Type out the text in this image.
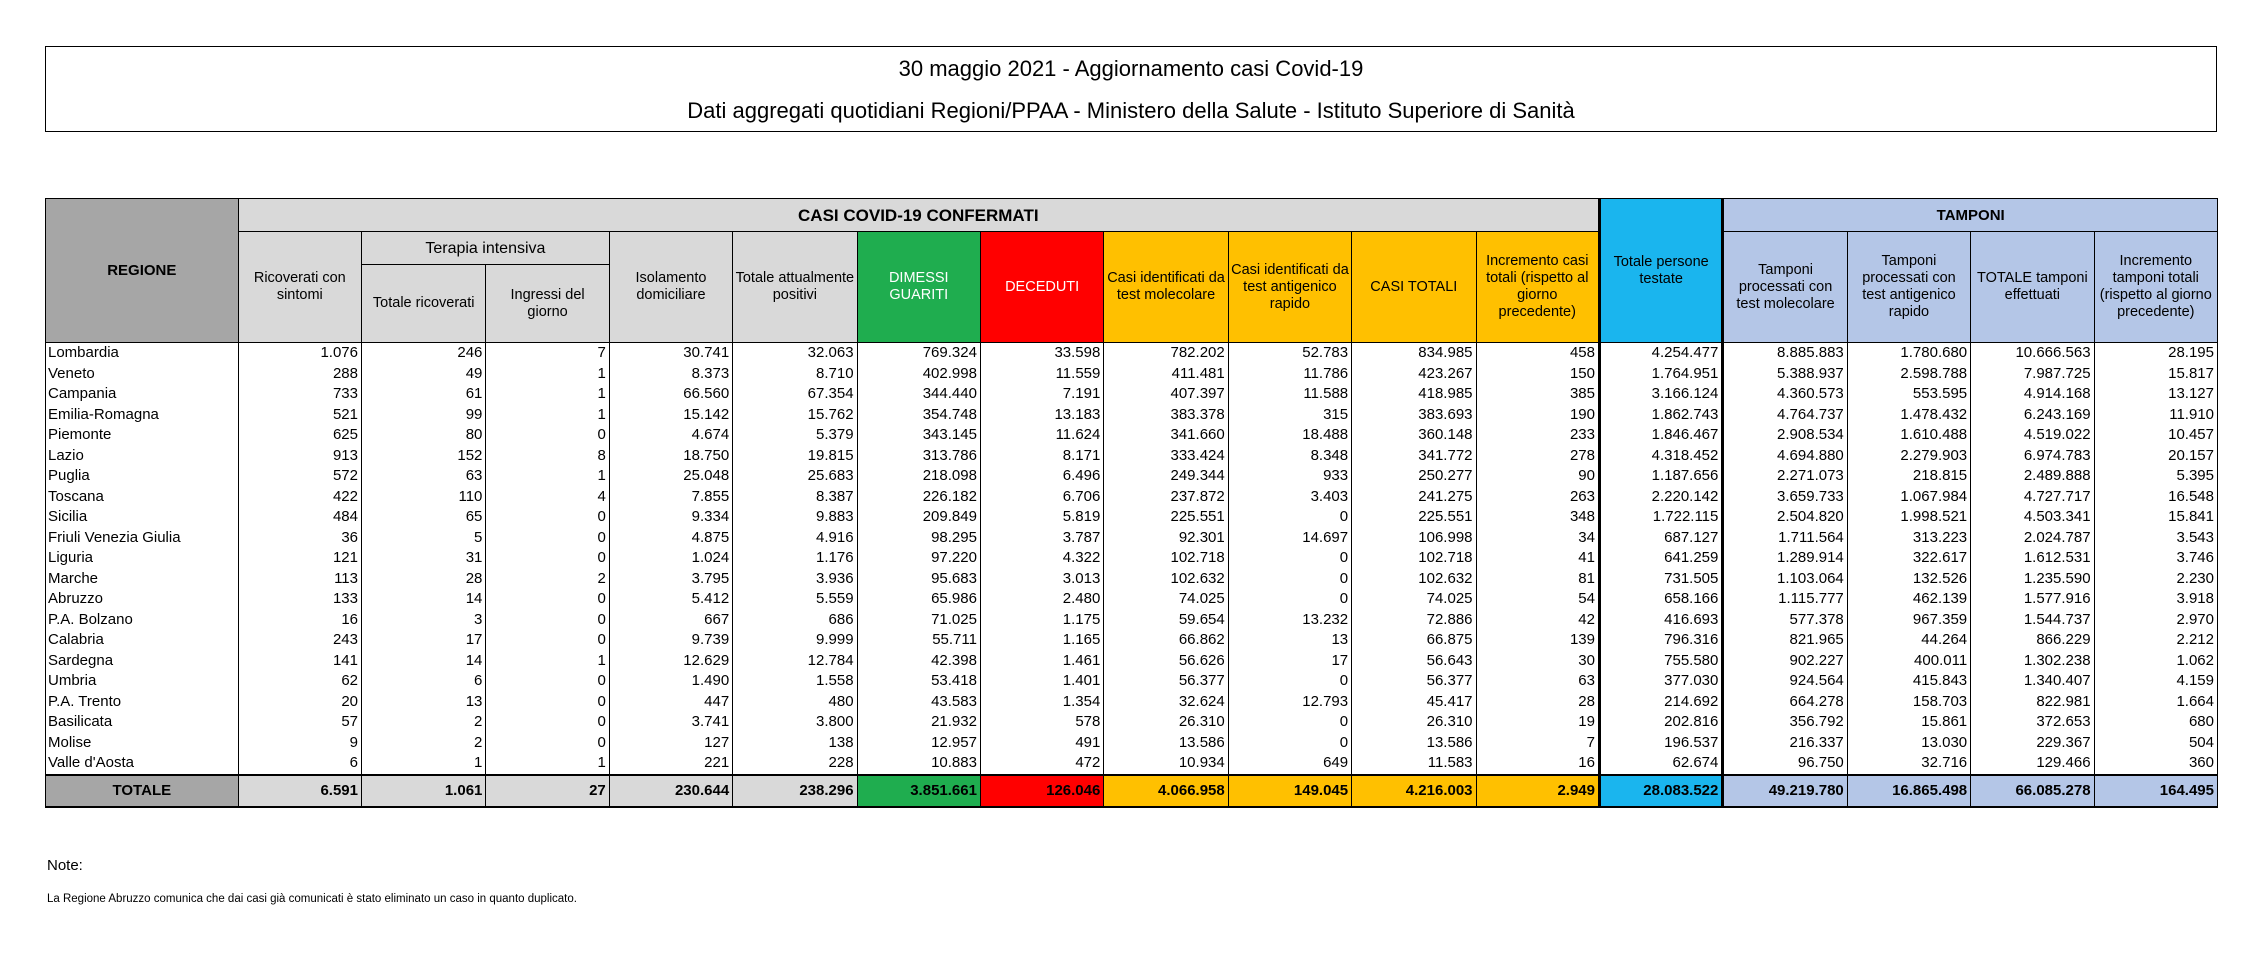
30 maggio 2021 - Aggiornamento casi Covid-19
Dati aggregati quotidiani Regioni/PPAA - Ministero della Salute - Istituto Superiore di Sanità
REGIONE	CASI COVID-19 CONFERMATI											Totale persone testate	TAMPONI			
	Ricoverati con sintomi	Terapia intensiva		Isolamento domiciliare	Totale attualmente positivi	DIMESSI GUARITI	DECEDUTI	Casi identificati da test molecolare	Casi identificati da test antigenico rapido	CASI TOTALI	Incremento casi totali (rispetto al giorno precedente)		Tamponi processati con test molecolare	Tamponi processati con test antigenico rapido	TOTALE tamponi effettuati	Incremento tamponi totali (rispetto al giorno precedente)
		Totale ricoverati	Ingressi del giorno													
Lombardia	1.076	246	7	30.741	32.063	769.324	33.598	782.202	52.783	834.985	458	4.254.477	8.885.883	1.780.680	10.666.563	28.195
Veneto	288	49	1	8.373	8.710	402.998	11.559	411.481	11.786	423.267	150	1.764.951	5.388.937	2.598.788	7.987.725	15.817
Campania	733	61	1	66.560	67.354	344.440	7.191	407.397	11.588	418.985	385	3.166.124	4.360.573	553.595	4.914.168	13.127
Emilia-Romagna	521	99	1	15.142	15.762	354.748	13.183	383.378	315	383.693	190	1.862.743	4.764.737	1.478.432	6.243.169	11.910
Piemonte	625	80	0	4.674	5.379	343.145	11.624	341.660	18.488	360.148	233	1.846.467	2.908.534	1.610.488	4.519.022	10.457
Lazio	913	152	8	18.750	19.815	313.786	8.171	333.424	8.348	341.772	278	4.318.452	4.694.880	2.279.903	6.974.783	20.157
Puglia	572	63	1	25.048	25.683	218.098	6.496	249.344	933	250.277	90	1.187.656	2.271.073	218.815	2.489.888	5.395
Toscana	422	110	4	7.855	8.387	226.182	6.706	237.872	3.403	241.275	263	2.220.142	3.659.733	1.067.984	4.727.717	16.548
Sicilia	484	65	0	9.334	9.883	209.849	5.819	225.551	0	225.551	348	1.722.115	2.504.820	1.998.521	4.503.341	15.841
Friuli Venezia Giulia	36	5	0	4.875	4.916	98.295	3.787	92.301	14.697	106.998	34	687.127	1.711.564	313.223	2.024.787	3.543
Liguria	121	31	0	1.024	1.176	97.220	4.322	102.718	0	102.718	41	641.259	1.289.914	322.617	1.612.531	3.746
Marche	113	28	2	3.795	3.936	95.683	3.013	102.632	0	102.632	81	731.505	1.103.064	132.526	1.235.590	2.230
Abruzzo	133	14	0	5.412	5.559	65.986	2.480	74.025	0	74.025	54	658.166	1.115.777	462.139	1.577.916	3.918
P.A. Bolzano	16	3	0	667	686	71.025	1.175	59.654	13.232	72.886	42	416.693	577.378	967.359	1.544.737	2.970
Calabria	243	17	0	9.739	9.999	55.711	1.165	66.862	13	66.875	139	796.316	821.965	44.264	866.229	2.212
Sardegna	141	14	1	12.629	12.784	42.398	1.461	56.626	17	56.643	30	755.580	902.227	400.011	1.302.238	1.062
Umbria	62	6	0	1.490	1.558	53.418	1.401	56.377	0	56.377	63	377.030	924.564	415.843	1.340.407	4.159
P.A. Trento	20	13	0	447	480	43.583	1.354	32.624	12.793	45.417	28	214.692	664.278	158.703	822.981	1.664
Basilicata	57	2	0	3.741	3.800	21.932	578	26.310	0	26.310	19	202.816	356.792	15.861	372.653	680
Molise	9	2	0	127	138	12.957	491	13.586	0	13.586	7	196.537	216.337	13.030	229.367	504
Valle d'Aosta	6	1	1	221	228	10.883	472	10.934	649	11.583	16	62.674	96.750	32.716	129.466	360
TOTALE	6.591	1.061	27	230.644	238.296	3.851.661	126.046	4.066.958	149.045	4.216.003	2.949	28.083.522	49.219.780	16.865.498	66.085.278	164.495
Note:
La Regione Abruzzo comunica che dai casi già comunicati è stato eliminato un caso in quanto duplicato.
